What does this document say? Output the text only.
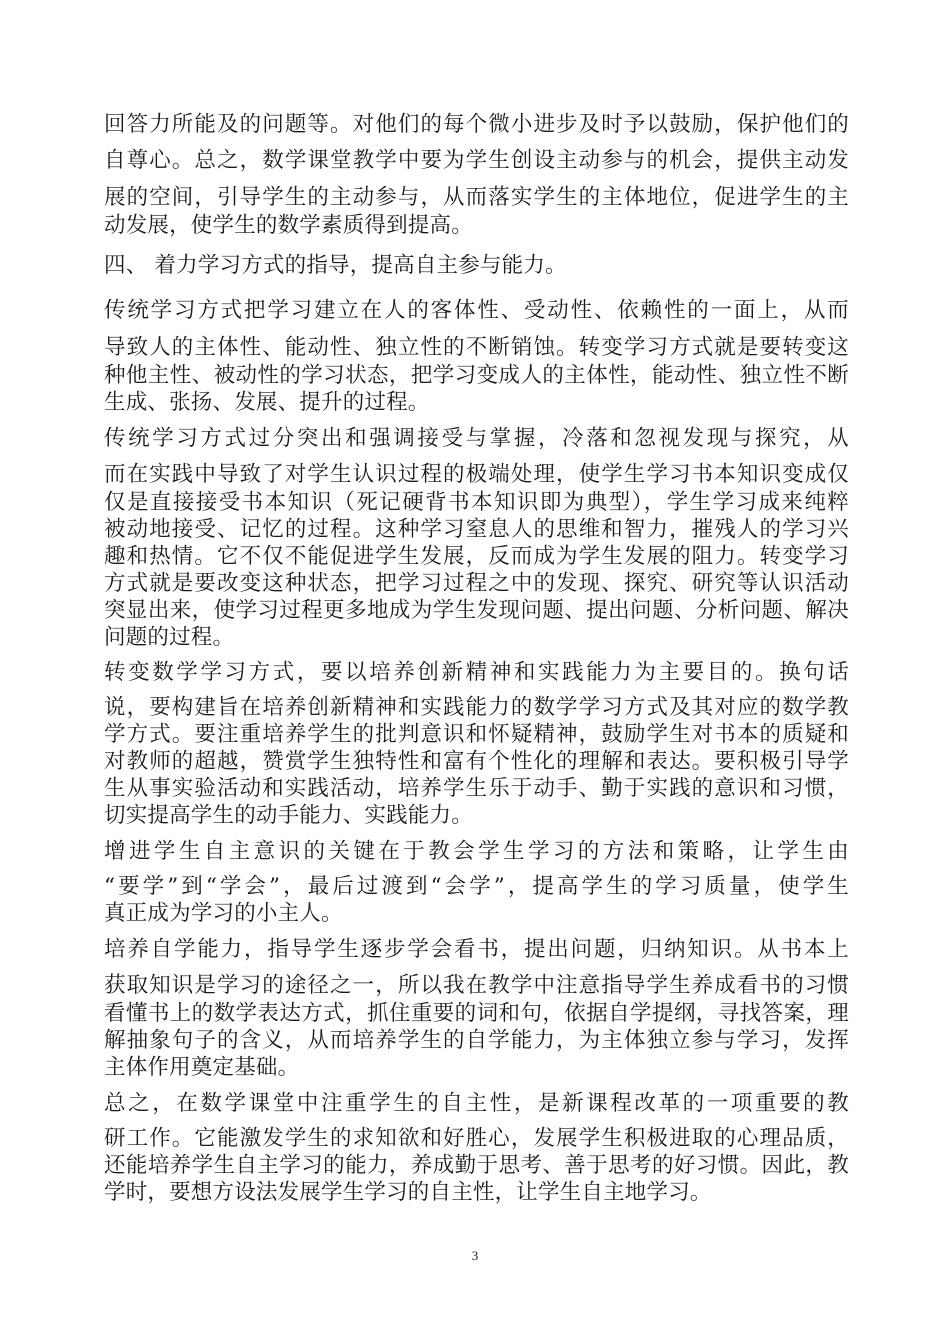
回答力所能及的问题等。对他们的每个微小进步及时予以鼓励，保护他们的
自尊心。总之，数学课堂教学中要为学生创设主动参与的机会，提供主动发
展的空间，引导学生的主动参与，从而落实学生的主体地位，促进学生的主
动发展，使学生的数学素质得到提高。
四、 着力学习方式的指导，提高自主参与能力。
传统学习方式把学习建立在人的客体性、受动性、依赖性的一面上，从而
导致人的主体性、能动性、独立性的不断销蚀。转变学习方式就是要转变这
种他主性、被动性的学习状态，把学习变成人的主体性，能动性、独立性不断
生成、张扬、发展、提升的过程。
传统学习方式过分突出和强调接受与掌握，冷落和忽视发现与探究，从
而在实践中导致了对学生认识过程的极端处理，使学生学习书本知识变成仅
仅是直接接受书本知识（死记硬背书本知识即为典型），学生学习成来纯粹
被动地接受、记忆的过程。这种学习窒息人的思维和智力，摧残人的学习兴
趣和热情。它不仅不能促进学生发展，反而成为学生发展的阻力。转变学习
方式就是要改变这种状态，把学习过程之中的发现、探究、研究等认识活动
突显出来，使学习过程更多地成为学生发现问题、提出问题、分析问题、解决
问题的过程。
转变数学学习方式，要以培养创新精神和实践能力为主要目的。换句话
说，要构建旨在培养创新精神和实践能力的数学学习方式及其对应的数学教
学方式。要注重培养学生的批判意识和怀疑精神，鼓励学生对书本的质疑和
对教师的超越，赞赏学生独特性和富有个性化的理解和表达。要积极引导学
生从事实验活动和实践活动，培养学生乐于动手、勤于实践的意识和习惯，
切实提高学生的动手能力、实践能力。
增进学生自主意识的关键在于教会学生学习的方法和策略，让学生由
“要学”到“学会”，最后过渡到“会学”，提高学生的学习质量，使学生
真正成为学习的小主人。
培养自学能力，指导学生逐步学会看书，提出问题，归纳知识。从书本上
获取知识是学习的途径之一，所以我在教学中注意指导学生养成看书的习惯
看懂书上的数学表达方式，抓住重要的词和句，依据自学提纲，寻找答案，理
解抽象句子的含义，从而培养学生的自学能力，为主体独立参与学习，发挥
主体作用奠定基础。
总之，在数学课堂中注重学生的自主性，是新课程改革的一项重要的教
研工作。它能激发学生的求知欲和好胜心，发展学生积极进取的心理品质，
还能培养学生自主学习的能力，养成勤于思考、善于思考的好习惯。因此，教
学时，要想方设法发展学生学习的自主性，让学生自主地学习。
3
